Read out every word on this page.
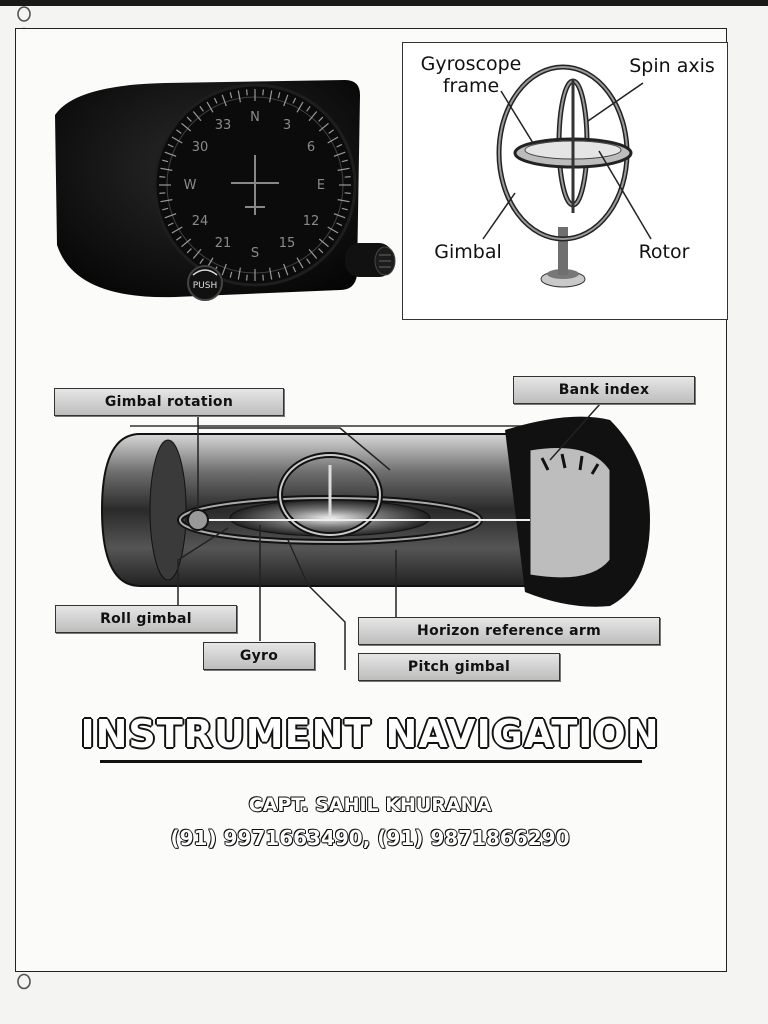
N
3
6
E
12
15
S
21
24
W
30
33
PUSH
Gyroscope
frame
Spin axis
Gimbal	Rotor
Gimbal rotation
Bank index
Roll gimbal
Gyro
Horizon reference arm
Pitch gimbal
INSTRUMENT NAVIGATION
CAPT. SAHIL KHURANA
(91) 9971663490, (91) 9871866290
